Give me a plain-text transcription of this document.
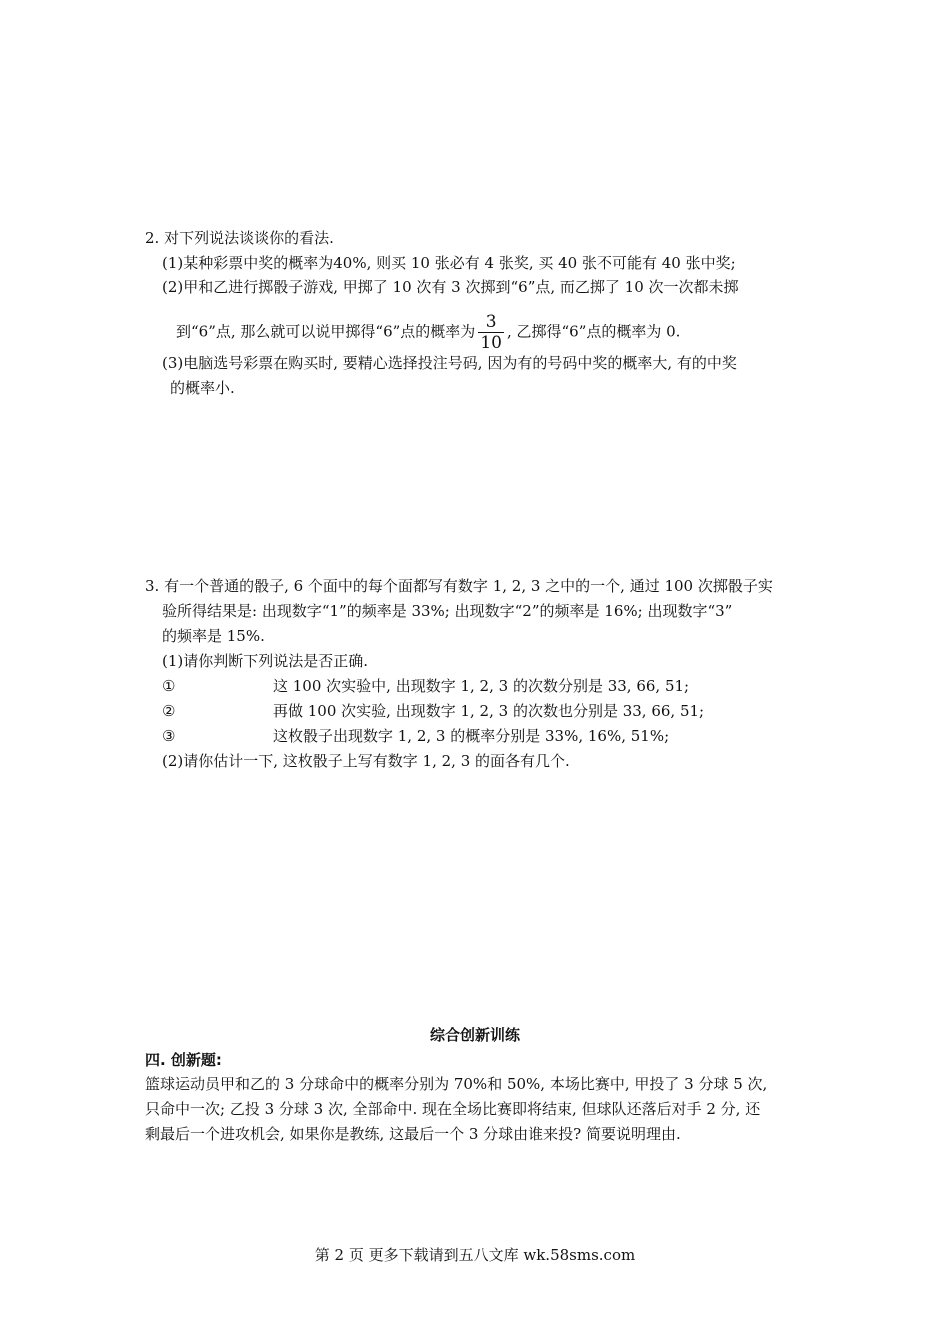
2. 对下列说法谈谈你的看法.
(1)某种彩票中奖的概率为40%, 则买 10 张必有 4 张奖, 买 40 张不可能有 40 张中奖;
(2)甲和乙进行掷骰子游戏, 甲掷了 10 次有 3 次掷到“6”点, 而乙掷了 10 次一次都未掷
到“6”点, 那么就可以说甲掷得“6”点的概率为 $\frac{3}{10}$ , 乙掷得“6”点的概率为 0.
(3)电脑选号彩票在购买时, 要精心选择投注号码, 因为有的号码中奖的概率大, 有的中奖
的概率小.
3. 有一个普通的骰子, 6 个面中的每个面都写有数字 1, 2, 3 之中的一个, 通过 100 次掷骰子实
验所得结果是: 出现数字“1”的频率是 33%; 出现数字“2”的频率是 16%; 出现数字“3”
的频率是 15%.
(1)请你判断下列说法是否正确.
①	这 100 次实验中, 出现数字 1, 2, 3 的次数分别是 33, 66, 51;
②	再做 100 次实验, 出现数字 1, 2, 3 的次数也分别是 33, 66, 51;
③	这枚骰子出现数字 1, 2, 3 的概率分别是 33%, 16%, 51%;
(2)请你估计一下, 这枚骰子上写有数字 1, 2, 3 的面各有几个.
综合创新训练
四. 创新题:
篮球运动员甲和乙的 3 分球命中的概率分别为 70%和 50%, 本场比赛中, 甲投了 3 分球 5 次,
只命中一次; 乙投 3 分球 3 次, 全部命中. 现在全场比赛即将结束, 但球队还落后对手 2 分, 还
剩最后一个进攻机会, 如果你是教练, 这最后一个 3 分球由谁来投? 简要说明理由.
第 2 页 更多下载请到五八文库 wk.58sms.com
